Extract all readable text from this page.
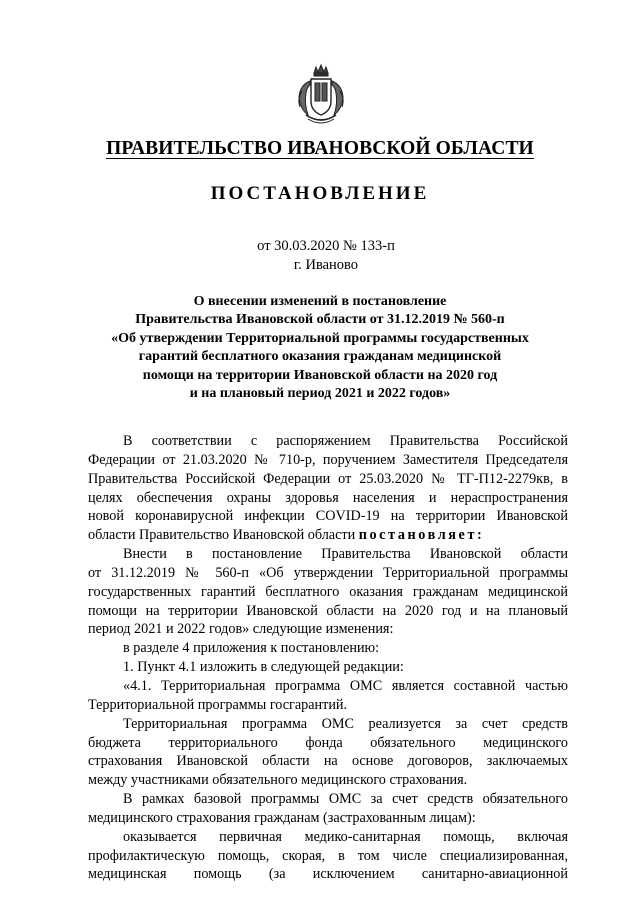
ПРАВИТЕЛЬСТВО ИВАНОВСКОЙ ОБЛАСТИ
ПОСТАНОВЛЕНИЕ
от 30.03.2020 № 133-п
г. Иваново
О внесении изменений в постановление
Правительства Ивановской области от 31.12.2019 № 560-п
«Об утверждении Территориальной программы государственных
гарантий бесплатного оказания гражданам медицинской
помощи на территории Ивановской области на 2020 год
и на плановый период 2021 и 2022 годов»
В соответствии с распоряжением Правительства Российской
Федерации от 21.03.2020 № 710-р, поручением Заместителя Председателя
Правительства Российской Федерации от 25.03.2020 № ТГ-П12-2279кв, в
целях обеспечения охраны здоровья населения и нераспространения
новой коронавирусной инфекции COVID-19 на территории Ивановской
области Правительство Ивановской области постановляет:
Внести в постановление Правительства Ивановской области
от 31.12.2019 № 560-п «Об утверждении Территориальной программы
государственных гарантий бесплатного оказания гражданам медицинской
помощи на территории Ивановской области на 2020 год и на плановый
период 2021 и 2022 годов» следующие изменения:
в разделе 4 приложения к постановлению:
1. Пункт 4.1 изложить в следующей редакции:
«4.1. Территориальная программа ОМС является составной частью
Территориальной программы госгарантий.
Территориальная программа ОМС реализуется за счет средств
бюджета территориального фонда обязательного медицинского
страхования Ивановской области на основе договоров, заключаемых
между участниками обязательного медицинского страхования.
В рамках базовой программы ОМС за счет средств обязательного
медицинского страхования гражданам (застрахованным лицам):
оказывается первичная медико-санитарная помощь, включая
профилактическую помощь, скорая, в том числе специализированная,
медицинская помощь (за исключением санитарно-авиационной
